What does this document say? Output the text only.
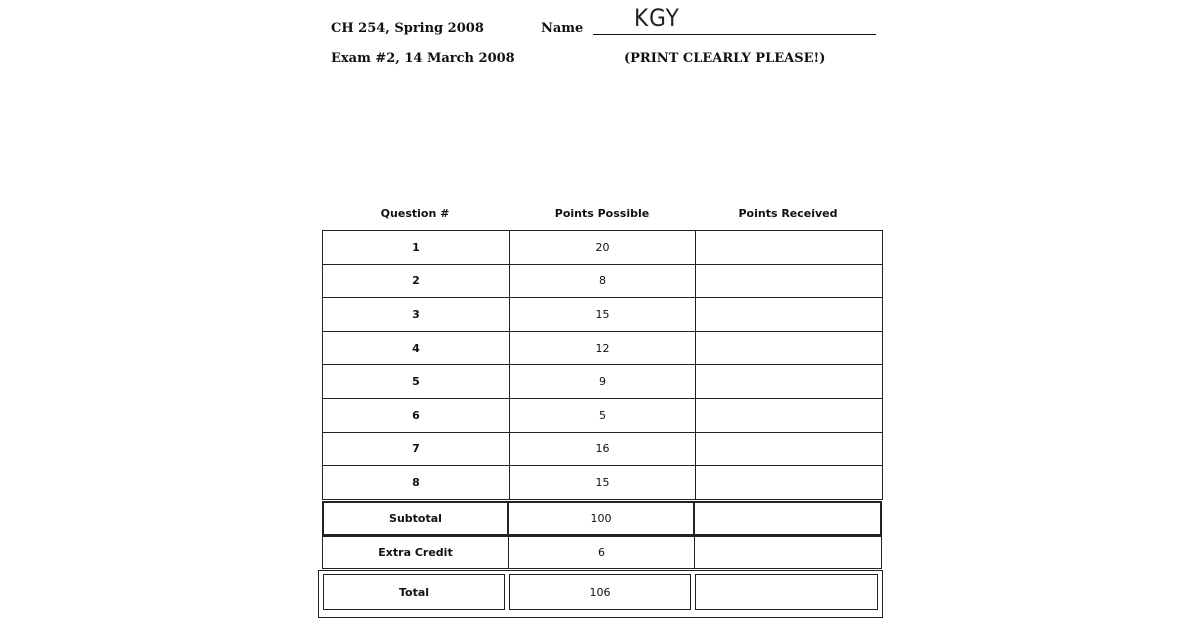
CH 254, Spring 2008
Exam #2, 14 March 2008
Name KGY
(PRINT CLEARLY PLEASE!)
Question #	Points Possible	Points Received
1	20	
2	8	
3	15	
4	12	
5	9	
6	5	
7	16	
8	15	
Subtotal	100
Extra Credit	6
Total	106
